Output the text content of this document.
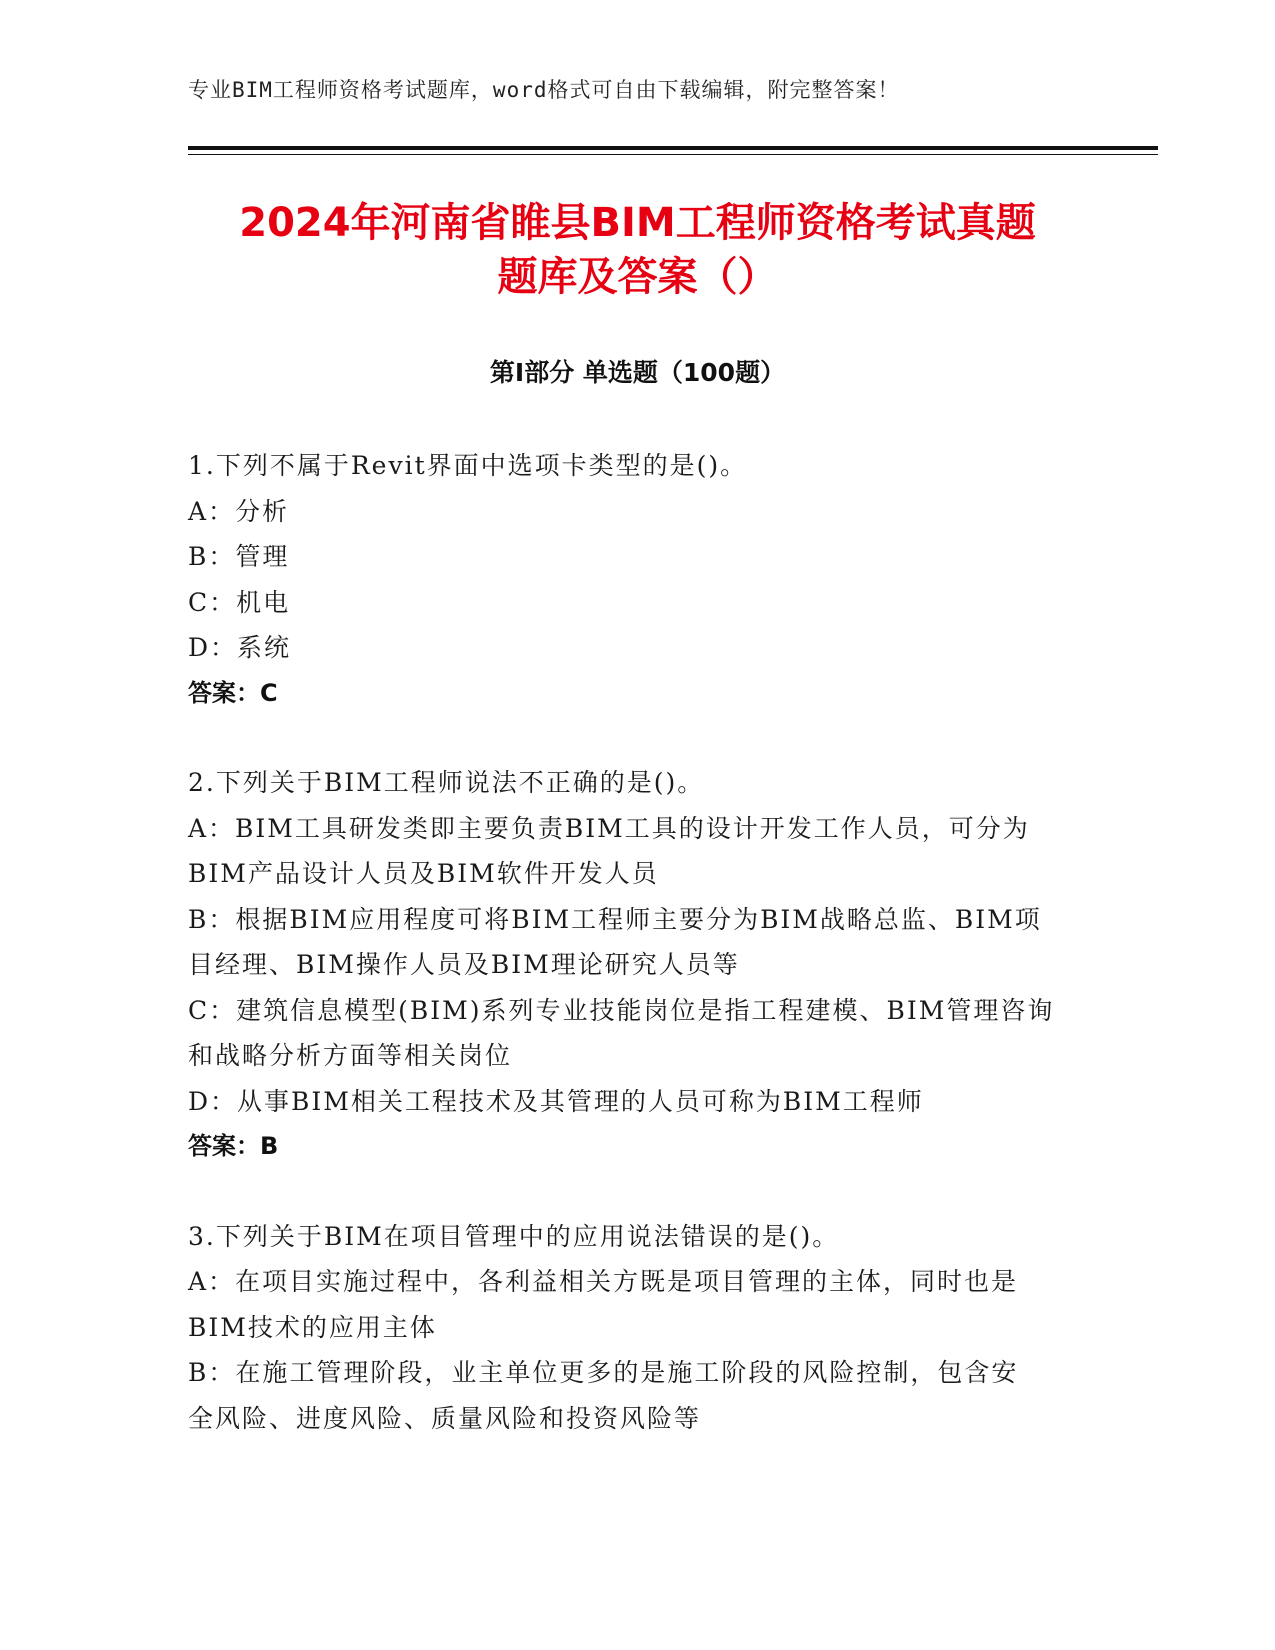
专业BIM工程师资格考试题库，word格式可自由下载编辑，附完整答案！
2024年河南省睢县BIM工程师资格考试真题
题库及答案（）
第I部分 单选题（100题）
1.下列不属于Revit界面中选项卡类型的是()。
A：分析
B：管理
C：机电
D：系统
答案：C
2.下列关于BIM工程师说法不正确的是()。
A：BIM工具研发类即主要负责BIM工具的设计开发工作人员，可分为
BIM产品设计人员及BIM软件开发人员
B：根据BIM应用程度可将BIM工程师主要分为BIM战略总监、BIM项
目经理、BIM操作人员及BIM理论研究人员等
C：建筑信息模型(BIM)系列专业技能岗位是指工程建模、BIM管理咨询
和战略分析方面等相关岗位
D：从事BIM相关工程技术及其管理的人员可称为BIM工程师
答案：B
3.下列关于BIM在项目管理中的应用说法错误的是()。
A：在项目实施过程中，各利益相关方既是项目管理的主体，同时也是
BIM技术的应用主体
B：在施工管理阶段，业主单位更多的是施工阶段的风险控制，包含安
全风险、进度风险、质量风险和投资风险等
